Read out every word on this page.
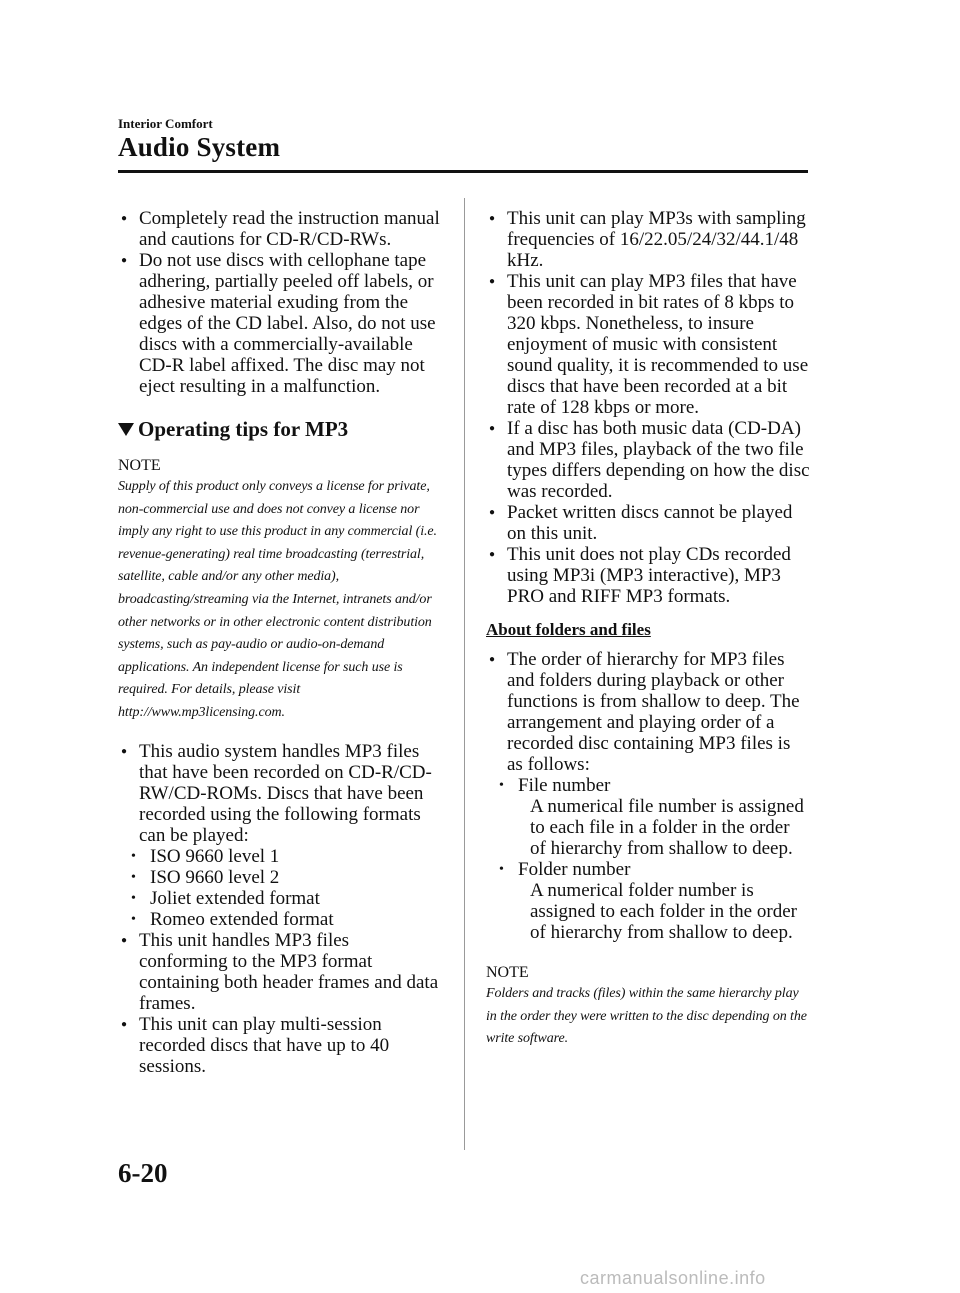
Interior Comfort
Audio System
● Completely read the instruction manual and cautions for CD-R/CD-RWs.
● Do not use discs with cellophane tape adhering, partially peeled off labels, or adhesive material exuding from the edges of the CD label. Also, do not use discs with a commercially-available CD-R label affixed. The disc may not eject resulting in a malfunction.
Operating tips for MP3
NOTE
Supply of this product only conveys a license for private, non-commercial use and does not convey a license nor imply any right to use this product in any commercial (i.e. revenue-generating) real time broadcasting (terrestrial, satellite, cable and/or any other media), broadcasting/streaming via the Internet, intranets and/or other networks or in other electronic content distribution systems, such as pay-audio or audio-on-demand applications. An independent license for such use is required. For details, please visit http://www.mp3licensing.com.
● This audio system handles MP3 files that have been recorded on CD-R/CD-RW/CD-ROMs. Discs that have been recorded using the following formats can be played:
• ISO 9660 level 1
• ISO 9660 level 2
• Joliet extended format
• Romeo extended format
● This unit handles MP3 files conforming to the MP3 format containing both header frames and data frames.
● This unit can play multi-session recorded discs that have up to 40 sessions.
● This unit can play MP3s with sampling frequencies of 16/22.05/24/32/44.1/48 kHz.
● This unit can play MP3 files that have been recorded in bit rates of 8 kbps to 320 kbps. Nonetheless, to insure enjoyment of music with consistent sound quality, it is recommended to use discs that have been recorded at a bit rate of 128 kbps or more.
● If a disc has both music data (CD-DA) and MP3 files, playback of the two file types differs depending on how the disc was recorded.
● Packet written discs cannot be played on this unit.
● This unit does not play CDs recorded using MP3i (MP3 interactive), MP3 PRO and RIFF MP3 formats.
About folders and files
● The order of hierarchy for MP3 files and folders during playback or other functions is from shallow to deep. The arrangement and playing order of a recorded disc containing MP3 files is as follows:
• File number
A numerical file number is assigned to each file in a folder in the order of hierarchy from shallow to deep.
• Folder number
A numerical folder number is assigned to each folder in the order of hierarchy from shallow to deep.
NOTE
Folders and tracks (files) within the same hierarchy play in the order they were written to the disc depending on the write software.
6-20
carmanualsonline.info
